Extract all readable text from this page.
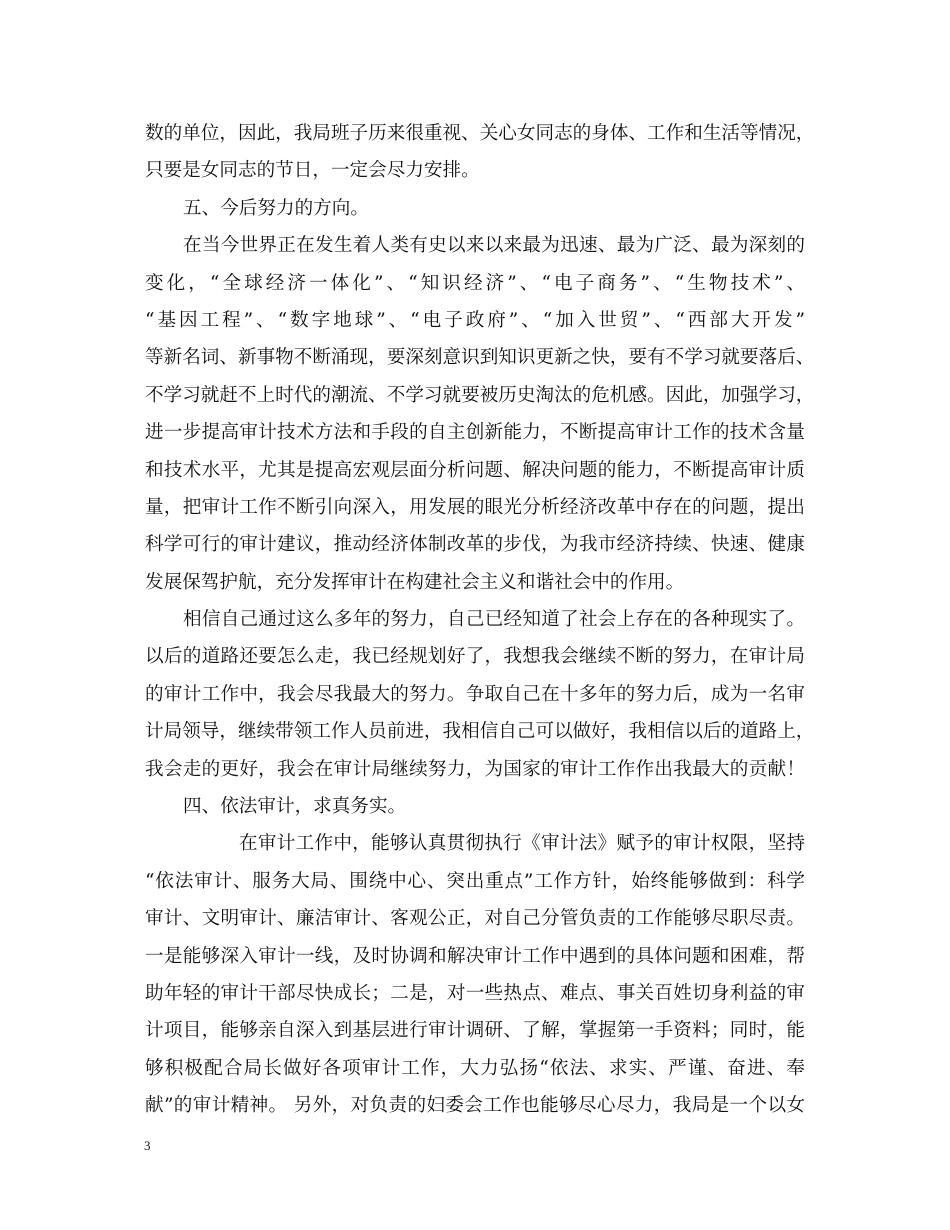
数的单位，因此，我局班子历来很重视、关心女同志的身体、工作和生活等情况，
只要是女同志的节日，一定会尽力安排。
五、今后努力的方向。
在当今世界正在发生着人类有史以来以来最为迅速、最为广泛、最为深刻的
变化，“全球经济一体化”、“知识经济”、“电子商务”、“生物技术”、
“基因工程”、“数字地球”、“电子政府”、“加入世贸”、“西部大开发”
等新名词、新事物不断涌现，要深刻意识到知识更新之快，要有不学习就要落后、
不学习就赶不上时代的潮流、不学习就要被历史淘汰的危机感。因此，加强学习，
进一步提高审计技术方法和手段的自主创新能力，不断提高审计工作的技术含量
和技术水平，尤其是提高宏观层面分析问题、解决问题的能力，不断提高审计质
量，把审计工作不断引向深入，用发展的眼光分析经济改革中存在的问题，提出
科学可行的审计建议，推动经济体制改革的步伐，为我市经济持续、快速、健康
发展保驾护航，充分发挥审计在构建社会主义和谐社会中的作用。
相信自己通过这么多年的努力，自己已经知道了社会上存在的各种现实了。
以后的道路还要怎么走，我已经规划好了，我想我会继续不断的努力，在审计局
的审计工作中，我会尽我最大的努力。争取自己在十多年的努力后，成为一名审
计局领导，继续带领工作人员前进，我相信自己可以做好，我相信以后的道路上，
我会走的更好，我会在审计局继续努力，为国家的审计工作作出我最大的贡献！
四、依法审计，求真务实。
在审计工作中，能够认真贯彻执行《审计法》赋予的审计权限，坚持
“依法审计、服务大局、围绕中心、突出重点”工作方针，始终能够做到：科学
审计、文明审计、廉洁审计、客观公正，对自己分管负责的工作能够尽职尽责。
一是能够深入审计一线，及时协调和解决审计工作中遇到的具体问题和困难，帮
助年轻的审计干部尽快成长；二是，对一些热点、难点、事关百姓切身利益的审
计项目，能够亲自深入到基层进行审计调研、了解，掌握第一手资料；同时，能
够积极配合局长做好各项审计工作，大力弘扬“依法、求实、严谨、奋进、奉
献”的审计精神。 另外，对负责的妇委会工作也能够尽心尽力，我局是一个以女
3
